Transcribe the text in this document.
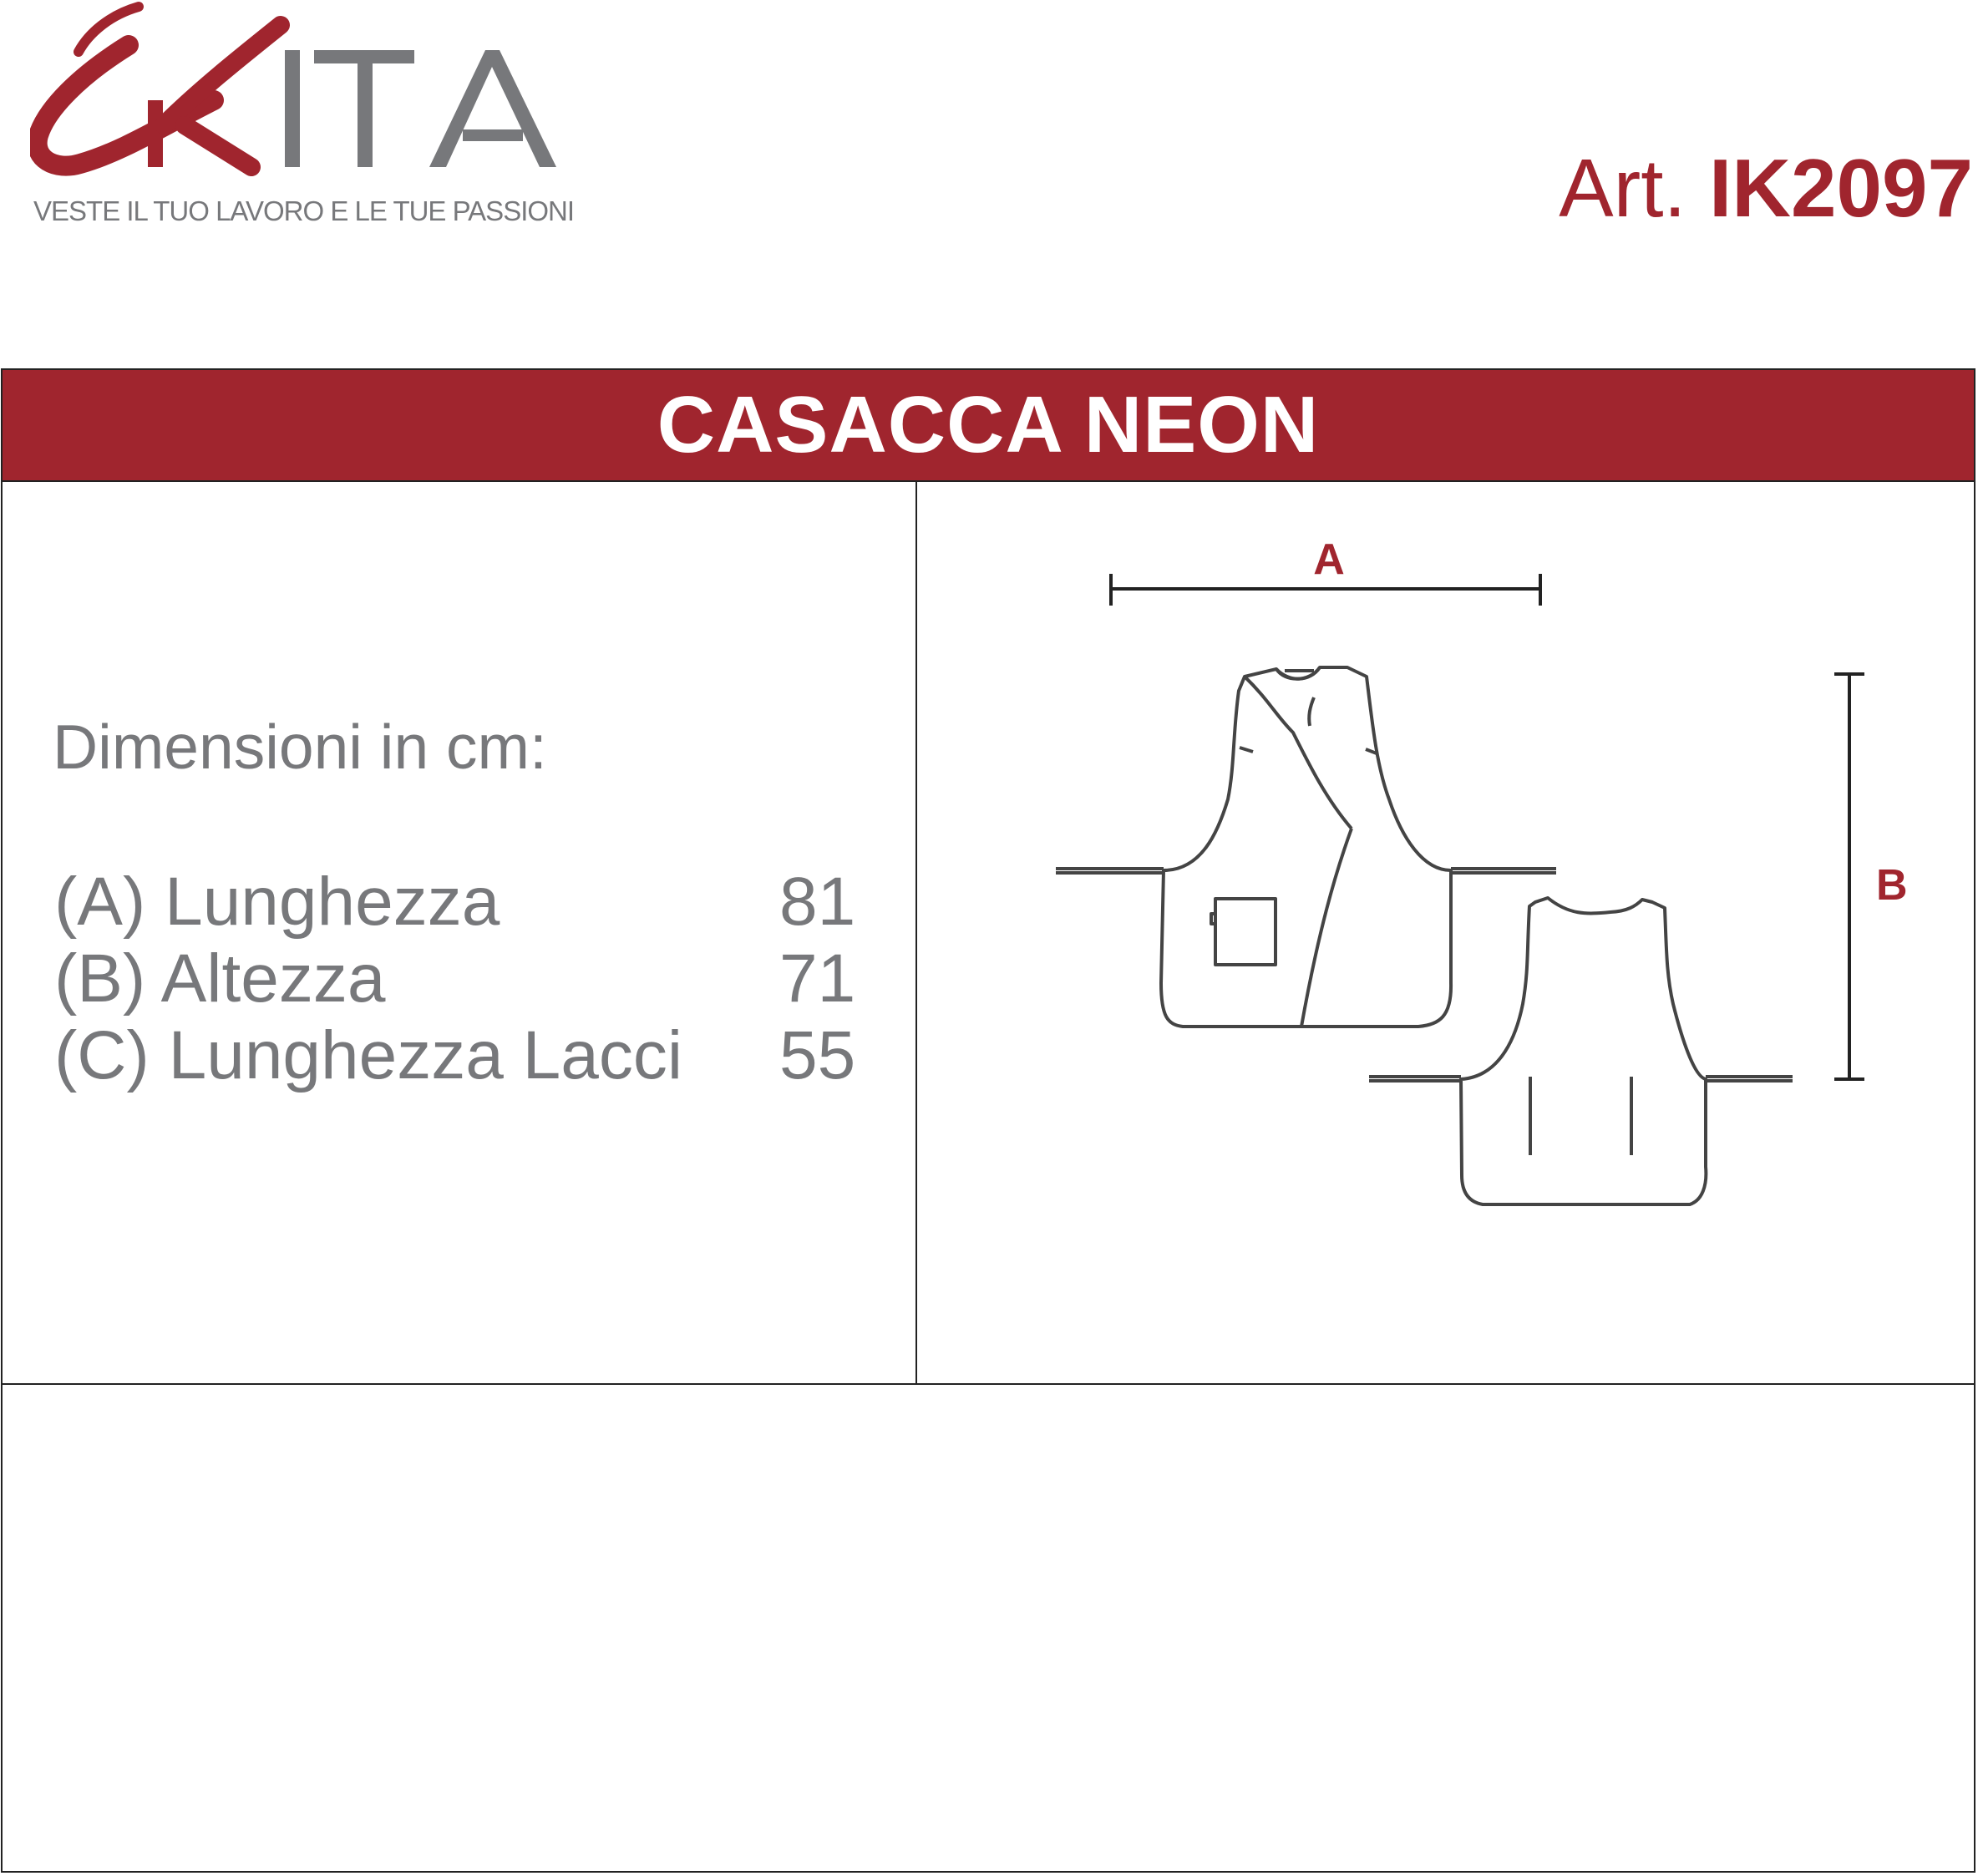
VESTE IL TUO LAVORO E LE TUE PASSIONI	Art. IK2097
CASACCA NEON
Dimensioni in cm:
(A) Lunghezza	81
(B) Altezza	71
(C) Lunghezza Lacci 55
A
B
